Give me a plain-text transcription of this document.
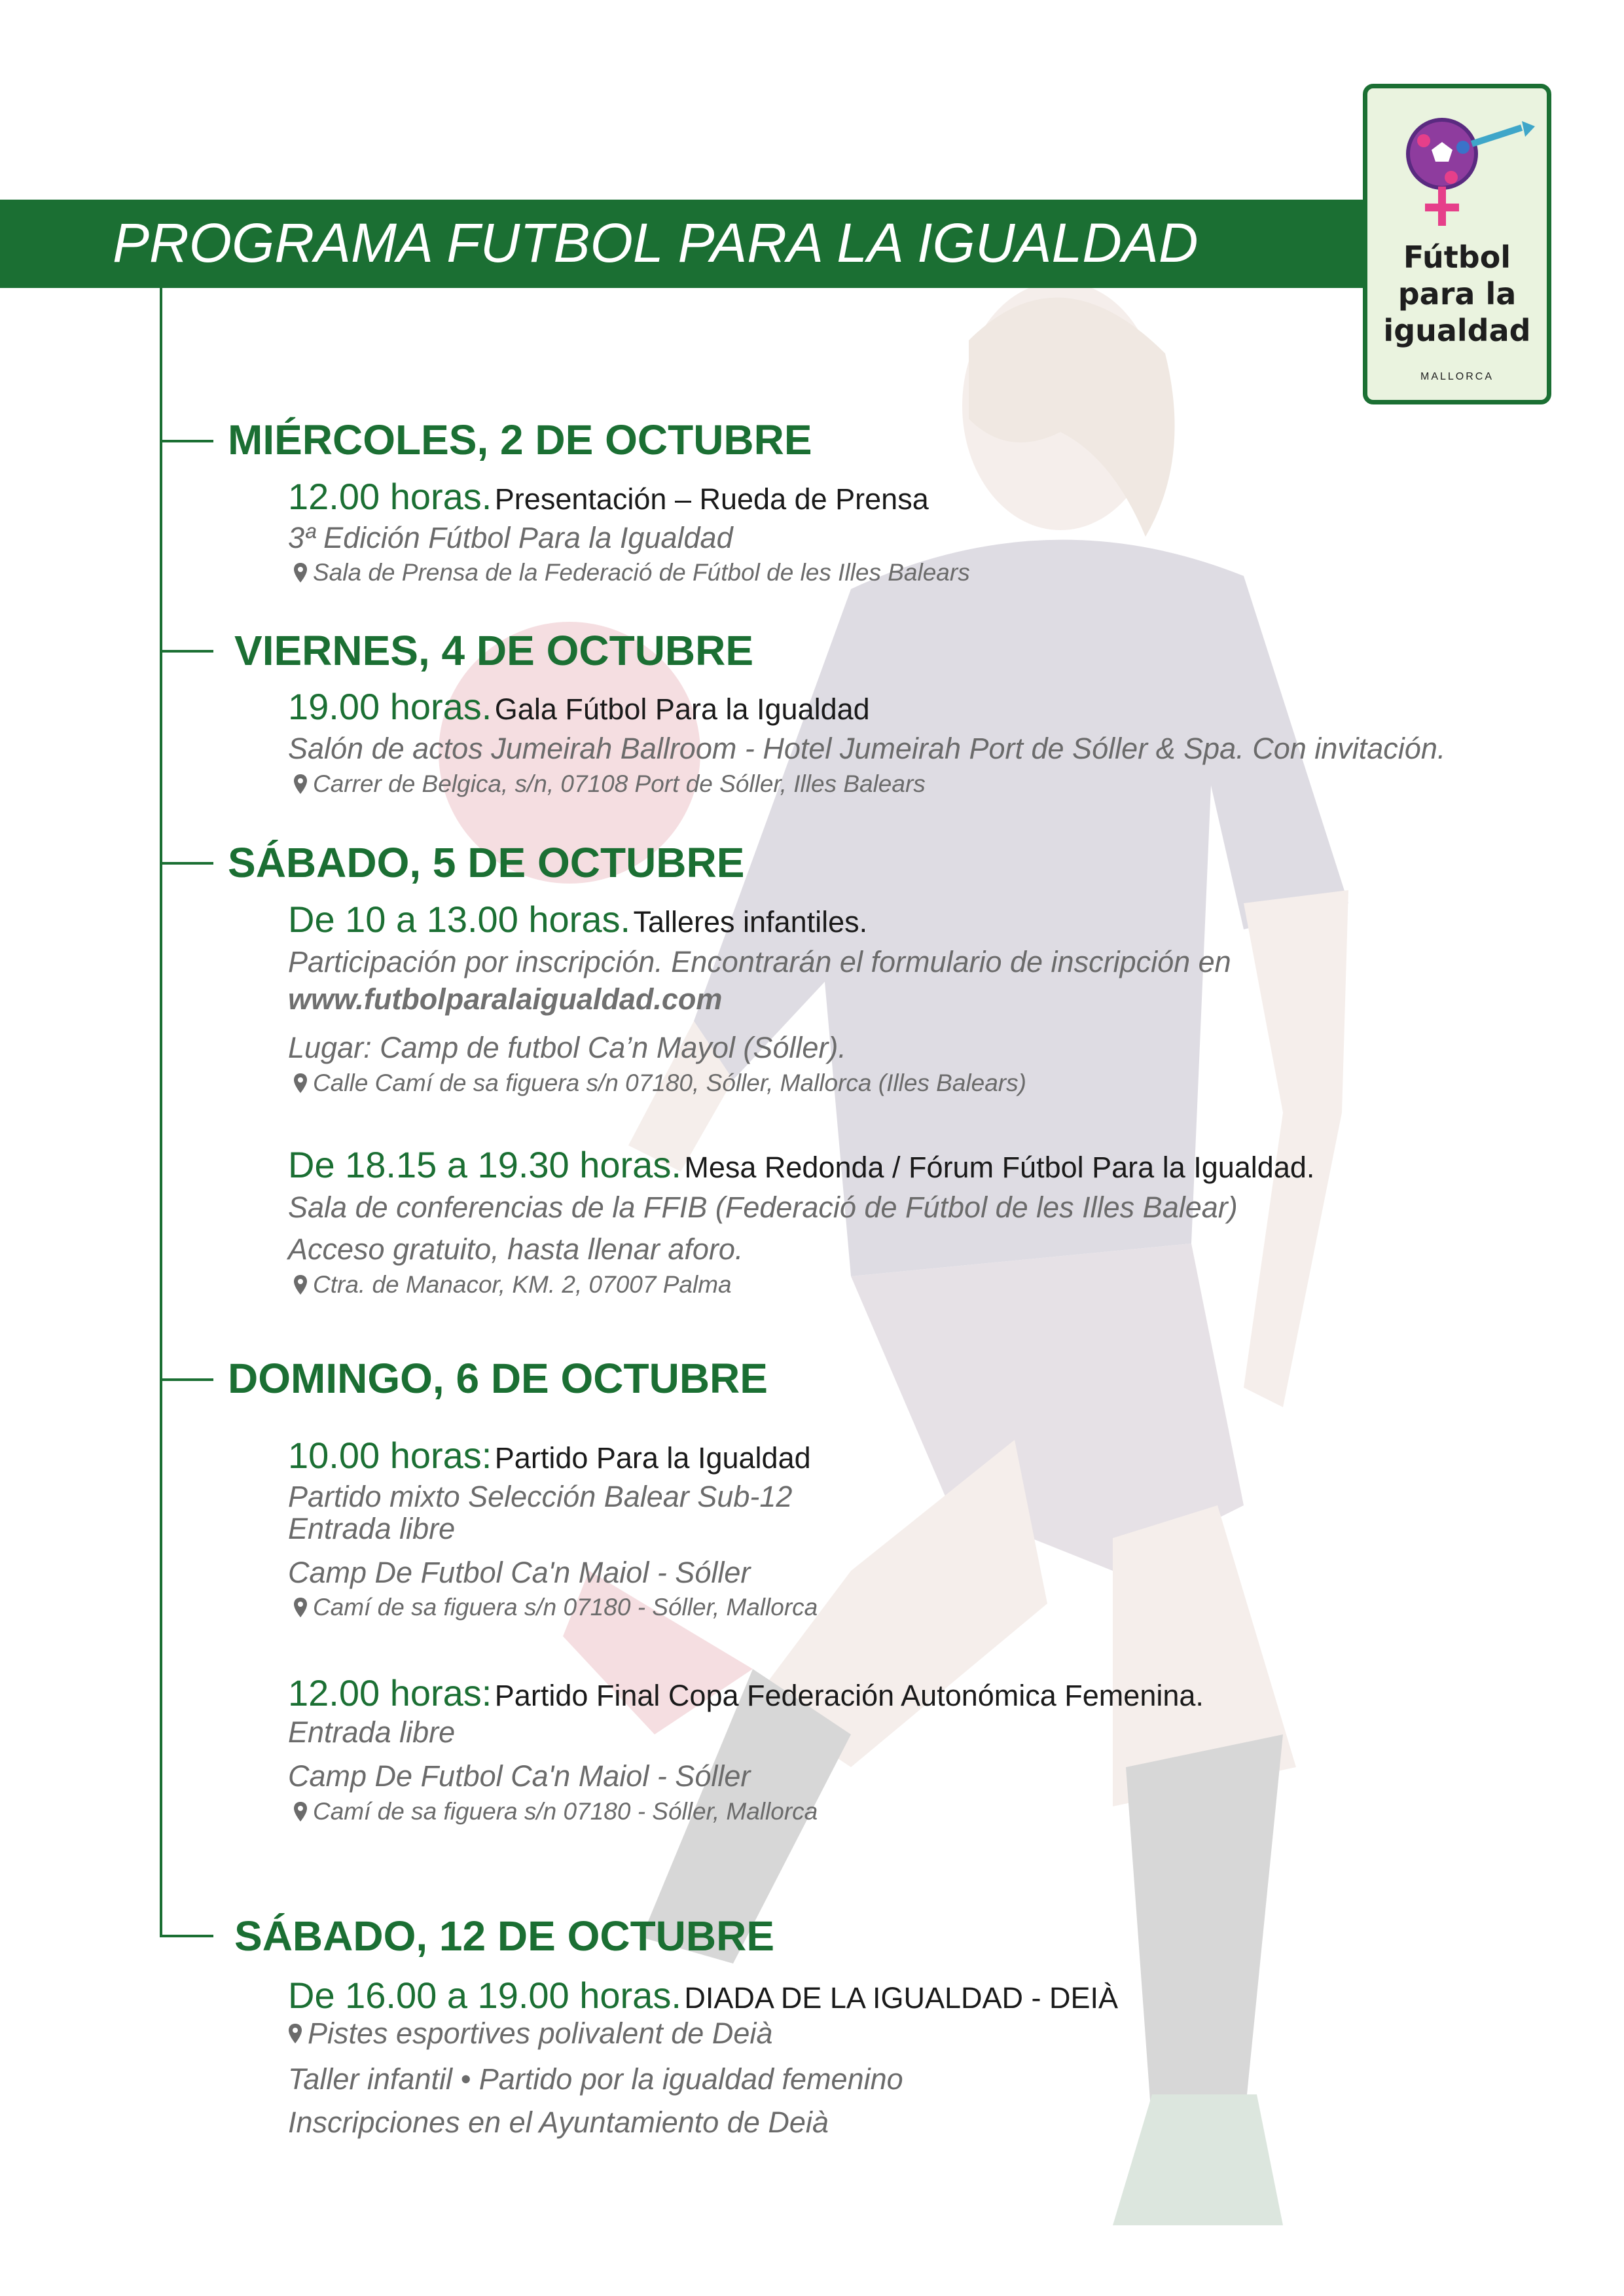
PROGRAMA FUTBOL PARA LA IGUALDAD	Fútbol
para la
igualdad
MALLORCA
MIÉRCOLES, 2 DE OCTUBRE
12.00 horas. Presentación – Rueda de Prensa
3ª Edición Fútbol Para la Igualdad
Sala de Prensa de la Federació de Fútbol de les Illes Balears
VIERNES, 4 DE OCTUBRE
19.00 horas. Gala Fútbol Para la Igualdad
Salón de actos Jumeirah Ballroom - Hotel Jumeirah Port de Sóller & Spa. Con invitación.
Carrer de Belgica, s/n, 07108 Port de Sóller, Illes Balears
SÁBADO, 5 DE OCTUBRE
De 10 a 13.00 horas. Talleres infantiles.
Participación por inscripción. Encontrarán el formulario de inscripción en
www.futbolparalaigualdad.com
Lugar: Camp de futbol Ca’n Mayol (Sóller).
Calle Camí de sa figuera s/n 07180, Sóller, Mallorca (Illes Balears)
De 18.15 a 19.30 horas. Mesa Redonda / Fórum Fútbol Para la Igualdad.
Sala de conferencias de la FFIB (Federació de Fútbol de les Illes Balear)
Acceso gratuito, hasta llenar aforo.
Ctra. de Manacor, KM. 2, 07007 Palma
DOMINGO, 6 DE OCTUBRE
10.00 horas: Partido Para la Igualdad
Partido mixto Selección Balear Sub-12
Entrada libre
Camp De Futbol Ca'n Maiol - Sóller
Camí de sa figuera s/n 07180 - Sóller, Mallorca
12.00 horas: Partido Final Copa Federación Autonómica Femenina.
Entrada libre
Camp De Futbol Ca'n Maiol - Sóller
Camí de sa figuera s/n 07180 - Sóller, Mallorca
SÁBADO, 12 DE OCTUBRE
De 16.00 a 19.00 horas. DIADA DE LA IGUALDAD - DEIÀ
Pistes esportives polivalent de Deià
Taller infantil • Partido por la igualdad femenino
Inscripciones en el Ayuntamiento de Deià
